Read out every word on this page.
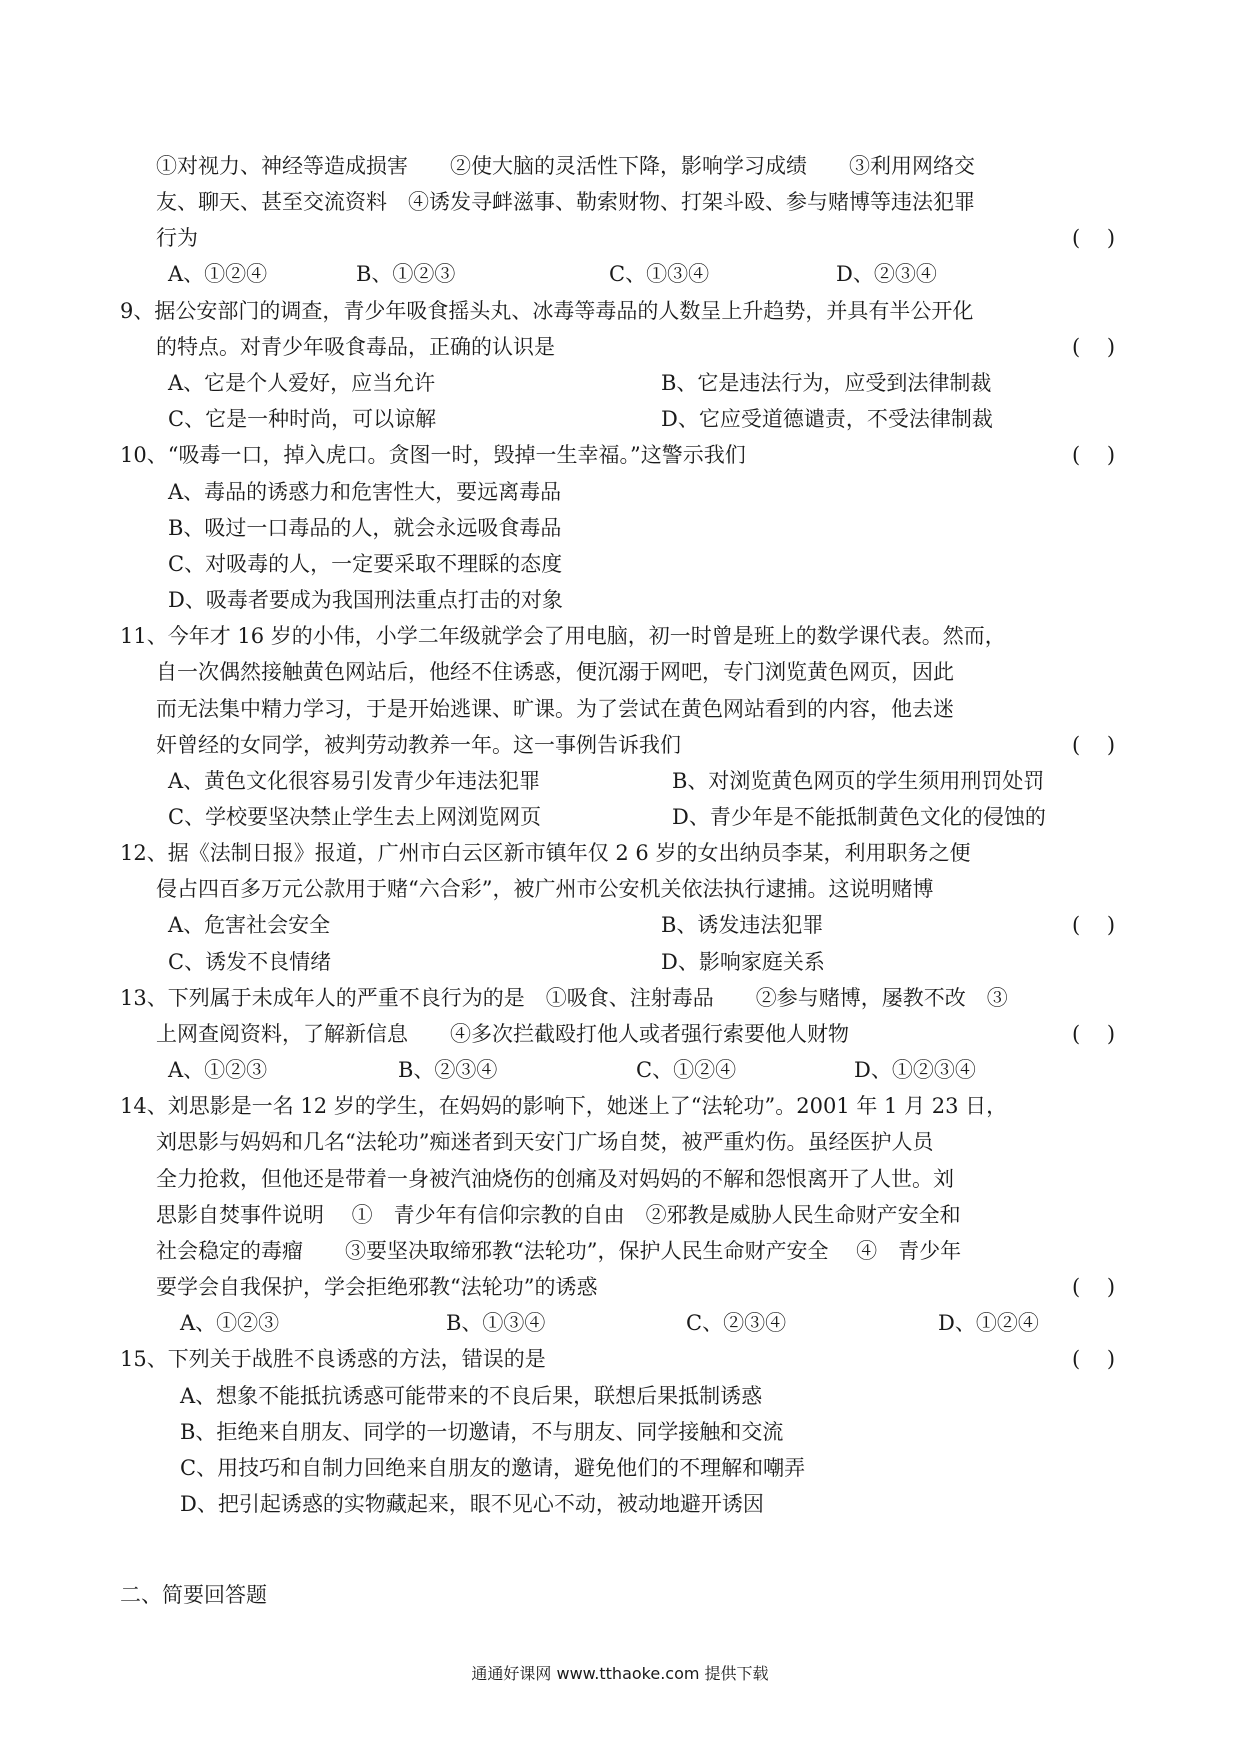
①对视力、神经等造成损害　　②使大脑的灵活性下降，影响学习成绩　　③利用网络交
友、聊天、甚至交流资料　④诱发寻衅滋事、勒索财物、打架斗殴、参与赌博等违法犯罪
行为	(    )
A、①②④	B、①②③	C、①③④	D、②③④
9、据公安部门的调查，青少年吸食摇头丸、冰毒等毒品的人数呈上升趋势，并具有半公开化
的特点。对青少年吸食毒品，正确的认识是	(    )
A、它是个人爱好，应当允许	B、它是违法行为，应受到法律制裁
C、它是一种时尚，可以谅解	D、它应受道德谴责，不受法律制裁
10、“吸毒一口，掉入虎口。贪图一时，毁掉一生幸福。”这警示我们	(    )
A、毒品的诱惑力和危害性大，要远离毒品
B、吸过一口毒品的人，就会永远吸食毒品
C、对吸毒的人，一定要采取不理睬的态度
D、吸毒者要成为我国刑法重点打击的对象
11、今年才 16 岁的小伟，小学二年级就学会了用电脑，初一时曾是班上的数学课代表。然而，
自一次偶然接触黄色网站后，他经不住诱惑，便沉溺于网吧，专门浏览黄色网页，因此
而无法集中精力学习，于是开始逃课、旷课。为了尝试在黄色网站看到的内容，他去迷
奸曾经的女同学，被判劳动教养一年。这一事例告诉我们	(    )
A、黄色文化很容易引发青少年违法犯罪	B、对浏览黄色网页的学生须用刑罚处罚
C、学校要坚决禁止学生去上网浏览网页	D、青少年是不能抵制黄色文化的侵蚀的
12、据《法制日报》报道，广州市白云区新市镇年仅 2 6 岁的女出纳员李某，利用职务之便
侵占四百多万元公款用于赌“六合彩”，被广州市公安机关依法执行逮捕。这说明赌博
A、危害社会安全	B、诱发违法犯罪	(    )
C、诱发不良情绪	D、影响家庭关系
13、下列属于未成年人的严重不良行为的是　①吸食、注射毒品　　②参与赌博，屡教不改　③
上网查阅资料，了解新信息　　④多次拦截殴打他人或者强行索要他人财物	(    )
A、①②③	B、②③④	C、①②④	D、①②③④
14、刘思影是一名 12 岁的学生，在妈妈的影响下，她迷上了“法轮功”。2001 年 1 月 23 日，
刘思影与妈妈和几名“法轮功”痴迷者到天安门广场自焚，被严重灼伤。虽经医护人员
全力抢救，但他还是带着一身被汽油烧伤的创痛及对妈妈的不解和怨恨离开了人世。刘
思影自焚事件说明　 ①　青少年有信仰宗教的自由　②邪教是威胁人民生命财产安全和
社会稳定的毒瘤　　③要坚决取缔邪教“法轮功”，保护人民生命财产安全　 ④　青少年
要学会自我保护，学会拒绝邪教“法轮功”的诱惑	(    )
A、①②③	B、①③④	C、②③④	D、①②④
15、下列关于战胜不良诱惑的方法，错误的是	(    )
A、想象不能抵抗诱惑可能带来的不良后果，联想后果抵制诱惑
B、拒绝来自朋友、同学的一切邀请，不与朋友、同学接触和交流
C、用技巧和自制力回绝来自朋友的邀请，避免他们的不理解和嘲弄
D、把引起诱惑的实物藏起来，眼不见心不动，被动地避开诱因
二、简要回答题
通通好课网 www.tthaoke.com 提供下载
